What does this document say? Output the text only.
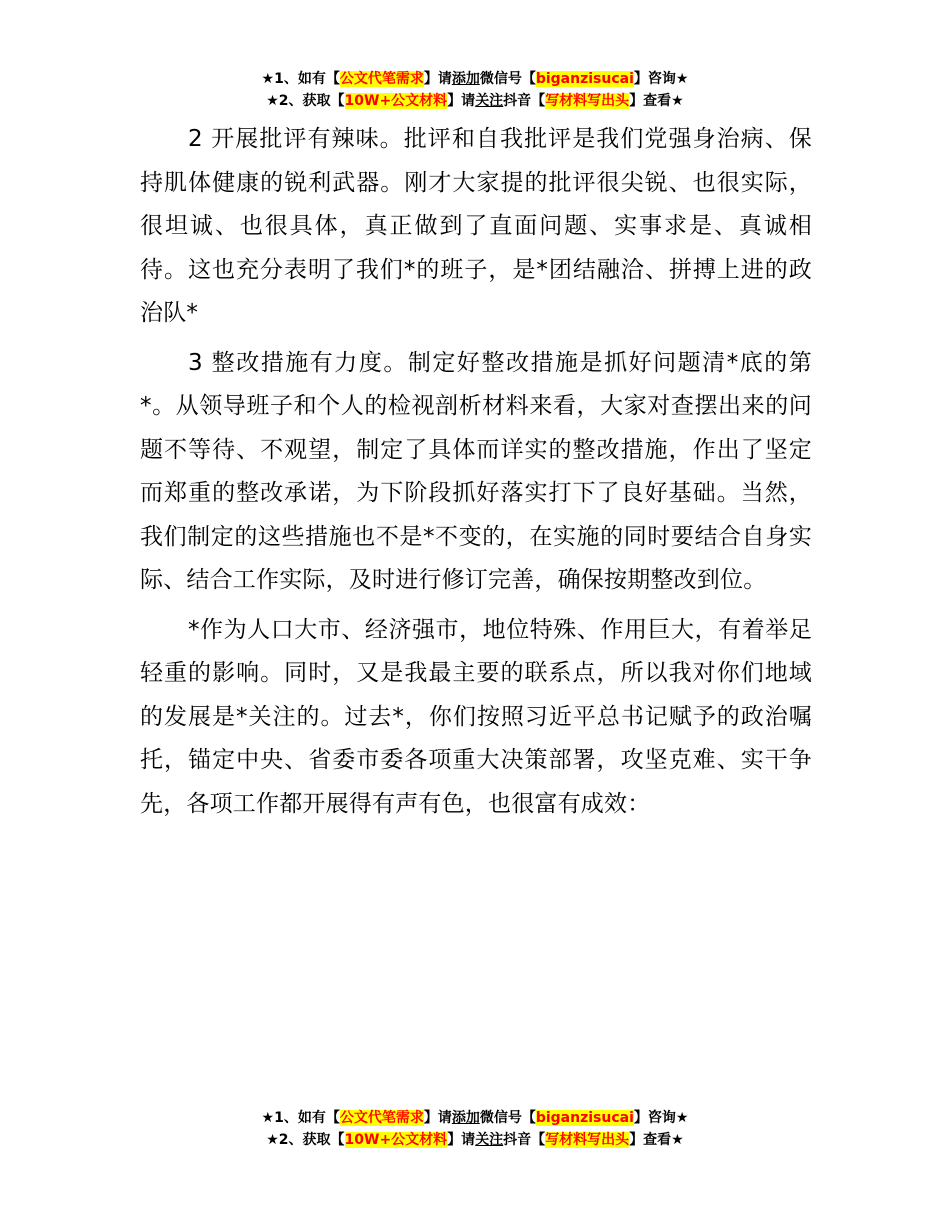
★1、如有【公文代笔需求】请添加微信号【biganzisucai】咨询★
★2、获取【10W+公文材料】请关注抖音【写材料写出头】查看★

2 开展批评有辣味。批评和自我批评是我们党强身治病、保持肌体健康的锐利武器。刚才大家提的批评很尖锐、也很实际，很坦诚、也很具体，真正做到了直面问题、实事求是、真诚相待。这也充分表明了我们*的班子，是*团结融洽、拼搏上进的政治队*

3 整改措施有力度。制定好整改措施是抓好问题清*底的第*。从领导班子和个人的检视剖析材料来看，大家对查摆出来的问题不等待、不观望，制定了具体而详实的整改措施，作出了坚定而郑重的整改承诺，为下阶段抓好落实打下了良好基础。当然，我们制定的这些措施也不是*不变的，在实施的同时要结合自身实际、结合工作实际，及时进行修订完善，确保按期整改到位。

*作为人口大市、经济强市，地位特殊、作用巨大，有着举足轻重的影响。同时，又是我最主要的联系点，所以我对你们地域的发展是*关注的。过去*，你们按照习近平总书记赋予的政治嘱托，锚定中央、省委市委各项重大决策部署，攻坚克难、实干争先，各项工作都开展得有声有色，也很富有成效：

★1、如有【公文代笔需求】请添加微信号【biganzisucai】咨询★
★2、获取【10W+公文材料】请关注抖音【写材料写出头】查看★
